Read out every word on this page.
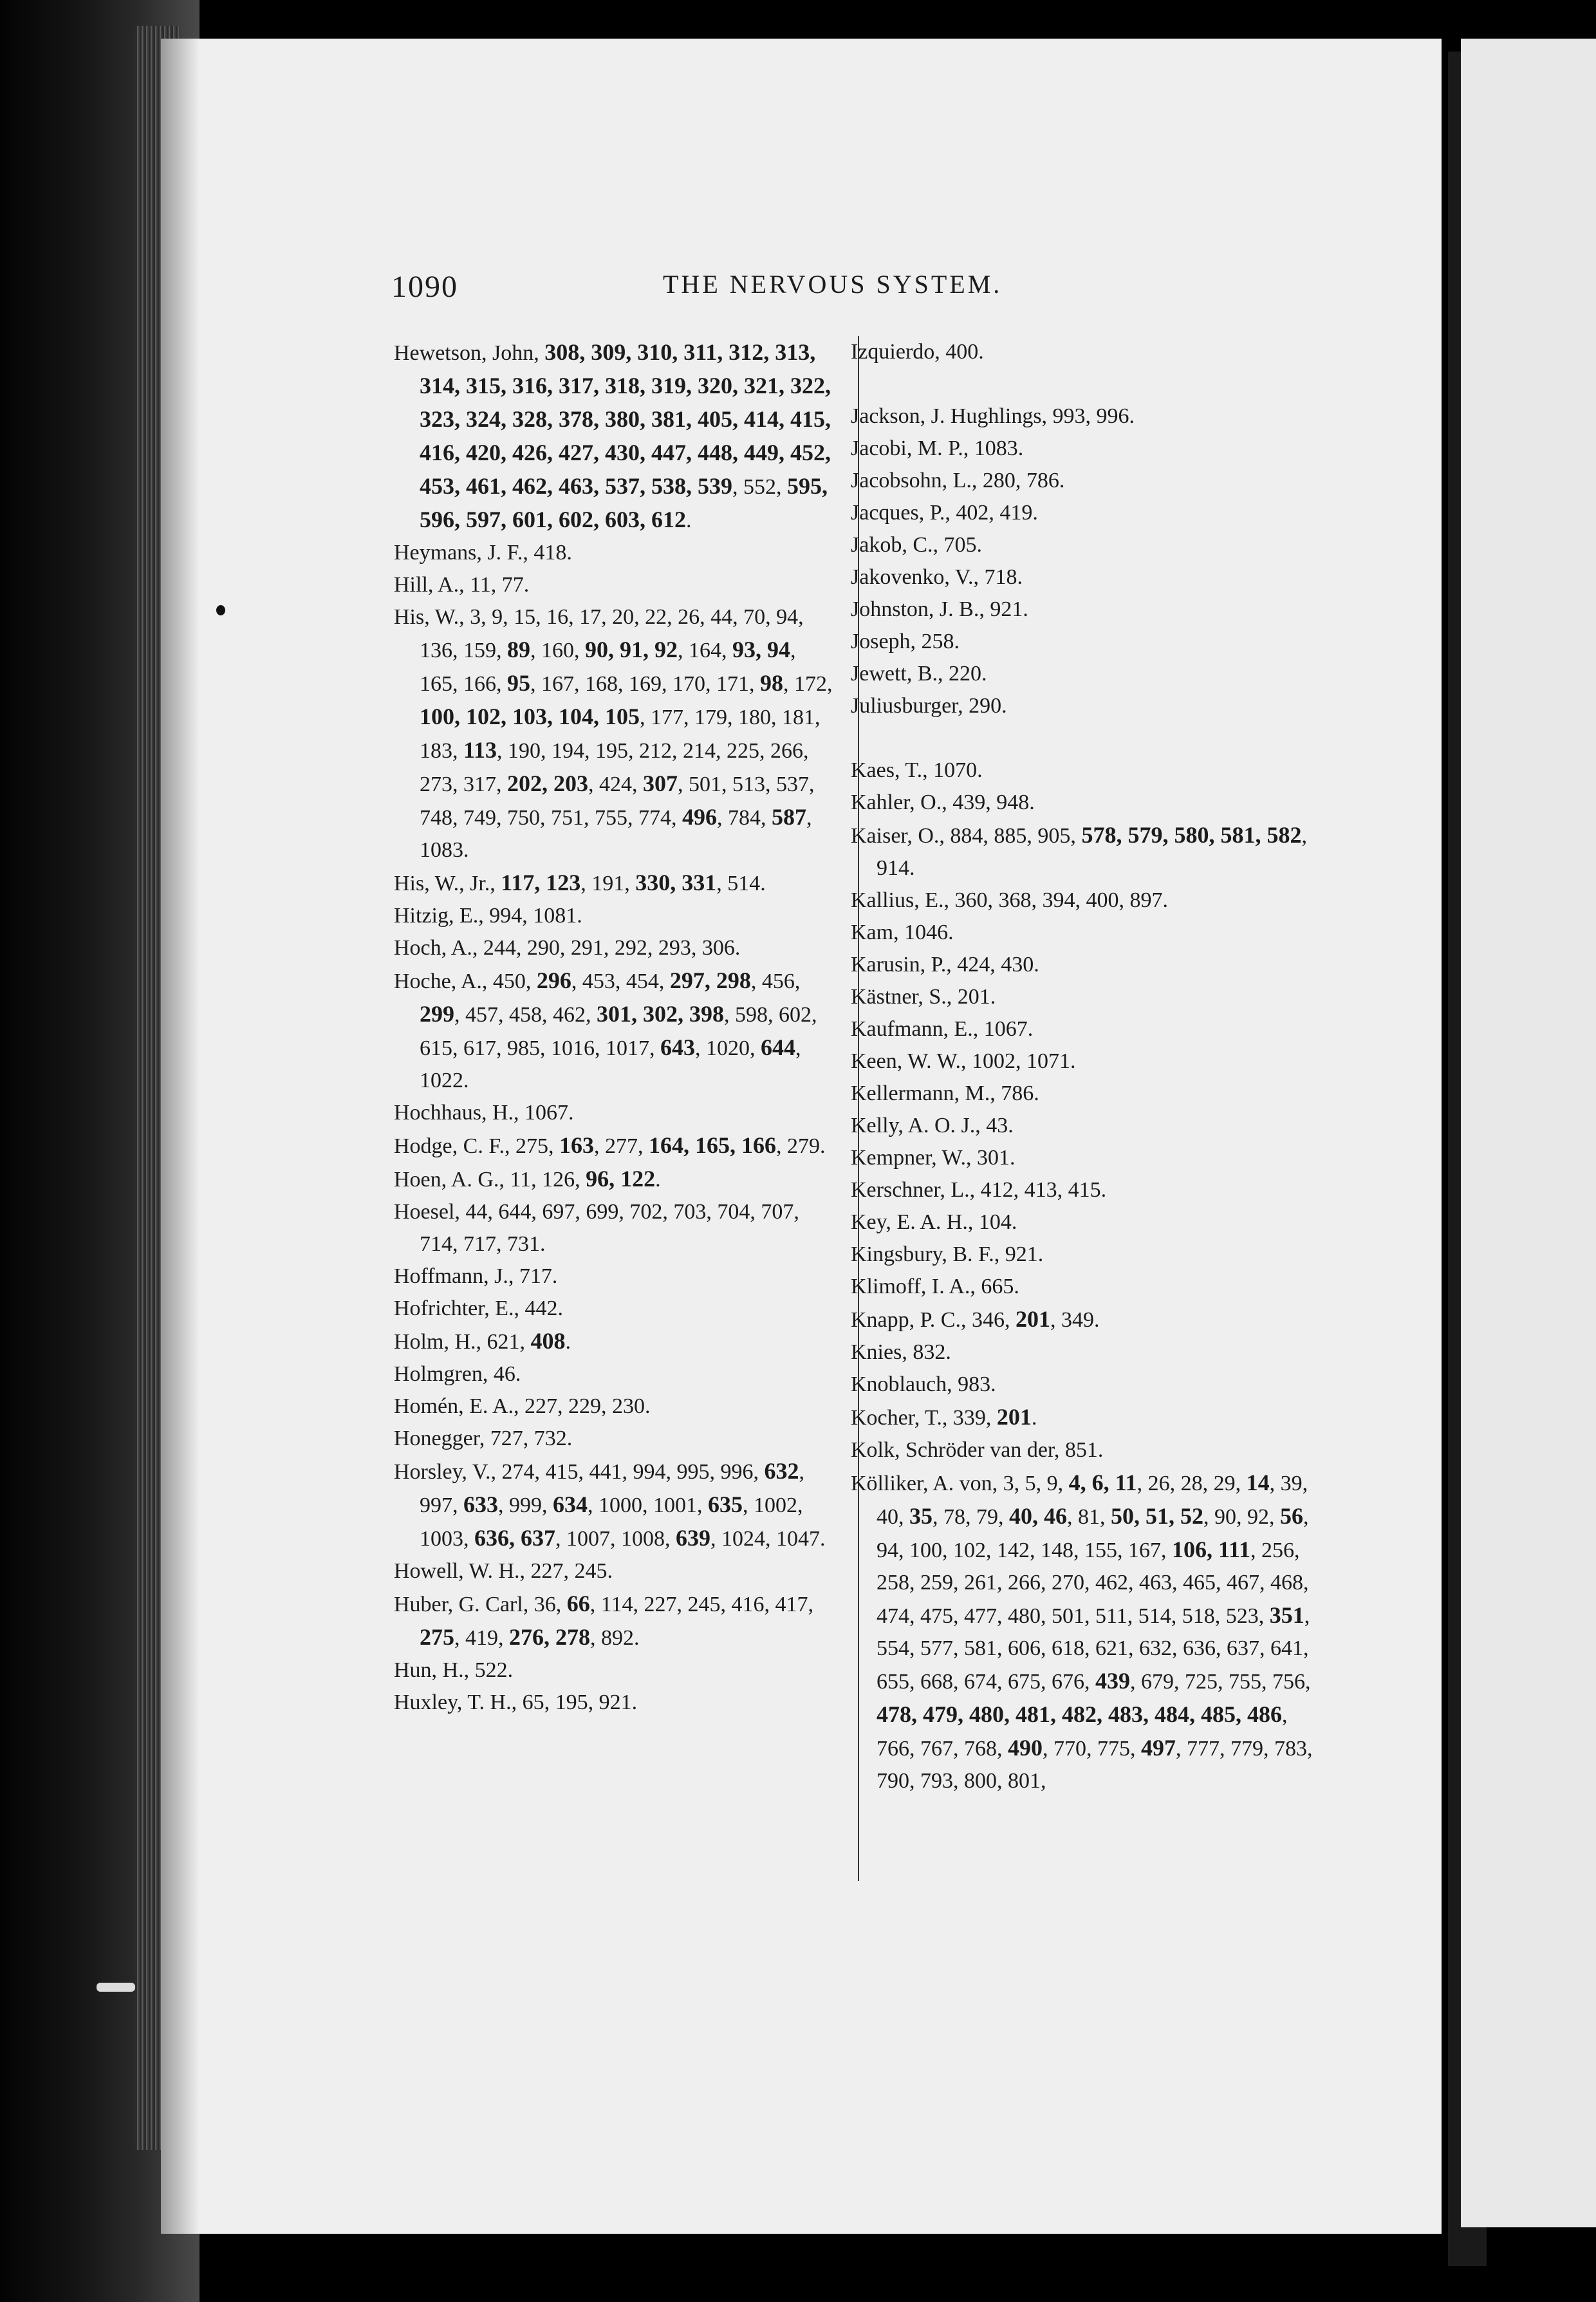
1090	THE NERVOUS SYSTEM.
Hewetson, John, 308, 309, 310, 311, 312, 313, 314, 315, 316, 317, 318, 319, 320, 321, 322, 323, 324, 328, 378, 380, 381, 405, 414, 415, 416, 420, 426, 427, 430, 447, 448, 449, 452, 453, 461, 462, 463, 537, 538, 539, 552, 595, 596, 597, 601, 602, 603, 612.
Heymans, J. F., 418.
Hill, A., 11, 77.
His, W., 3, 9, 15, 16, 17, 20, 22, 26, 44, 70, 94, 136, 159, 89, 160, 90, 91, 92, 164, 93, 94, 165, 166, 95, 167, 168, 169, 170, 171, 98, 172, 100, 102, 103, 104, 105, 177, 179, 180, 181, 183, 113, 190, 194, 195, 212, 214, 225, 266, 273, 317, 202, 203, 424, 307, 501, 513, 537, 748, 749, 750, 751, 755, 774, 496, 784, 587, 1083.
His, W., Jr., 117, 123, 191, 330, 331, 514.
Hitzig, E., 994, 1081.
Hoch, A., 244, 290, 291, 292, 293, 306.
Hoche, A., 450, 296, 453, 454, 297, 298, 456, 299, 457, 458, 462, 301, 302, 398, 598, 602, 615, 617, 985, 1016, 1017, 643, 1020, 644, 1022.
Hochhaus, H., 1067.
Hodge, C. F., 275, 163, 277, 164, 165, 166, 279.
Hoen, A. G., 11, 126, 96, 122.
Hoesel, 44, 644, 697, 699, 702, 703, 704, 707, 714, 717, 731.
Hoffmann, J., 717.
Hofrichter, E., 442.
Holm, H., 621, 408.
Holmgren, 46.
Homén, E. A., 227, 229, 230.
Honegger, 727, 732.
Horsley, V., 274, 415, 441, 994, 995, 996, 632, 997, 633, 999, 634, 1000, 1001, 635, 1002, 1003, 636, 637, 1007, 1008, 639, 1024, 1047.
Howell, W. H., 227, 245.
Huber, G. Carl, 36, 66, 114, 227, 245, 416, 417, 275, 419, 276, 278, 892.
Hun, H., 522.
Huxley, T. H., 65, 195, 921.
Izquierdo, 400.
Jackson, J. Hughlings, 993, 996.
Jacobi, M. P., 1083.
Jacobsohn, L., 280, 786.
Jacques, P., 402, 419.
Jakob, C., 705.
Jakovenko, V., 718.
Johnston, J. B., 921.
Joseph, 258.
Jewett, B., 220.
Juliusburger, 290.
Kaes, T., 1070.
Kahler, O., 439, 948.
Kaiser, O., 884, 885, 905, 578, 579, 580, 581, 582, 914.
Kallius, E., 360, 368, 394, 400, 897.
Kam, 1046.
Karusin, P., 424, 430.
Kästner, S., 201.
Kaufmann, E., 1067.
Keen, W. W., 1002, 1071.
Kellermann, M., 786.
Kelly, A. O. J., 43.
Kempner, W., 301.
Kerschner, L., 412, 413, 415.
Key, E. A. H., 104.
Kingsbury, B. F., 921.
Klimoff, I. A., 665.
Knapp, P. C., 346, 201, 349.
Knies, 832.
Knoblauch, 983.
Kocher, T., 339, 201.
Kolk, Schröder van der, 851.
Kölliker, A. von, 3, 5, 9, 4, 6, 11, 26, 28, 29, 14, 39, 40, 35, 78, 79, 40, 46, 81, 50, 51, 52, 90, 92, 56, 94, 100, 102, 142, 148, 155, 167, 106, 111, 256, 258, 259, 261, 266, 270, 462, 463, 465, 467, 468, 474, 475, 477, 480, 501, 511, 514, 518, 523, 351, 554, 577, 581, 606, 618, 621, 632, 636, 637, 641, 655, 668, 674, 675, 676, 439, 679, 725, 755, 756, 478, 479, 480, 481, 482, 483, 484, 485, 486, 766, 767, 768, 490, 770, 775, 497, 777, 779, 783, 790, 793, 800, 801,
